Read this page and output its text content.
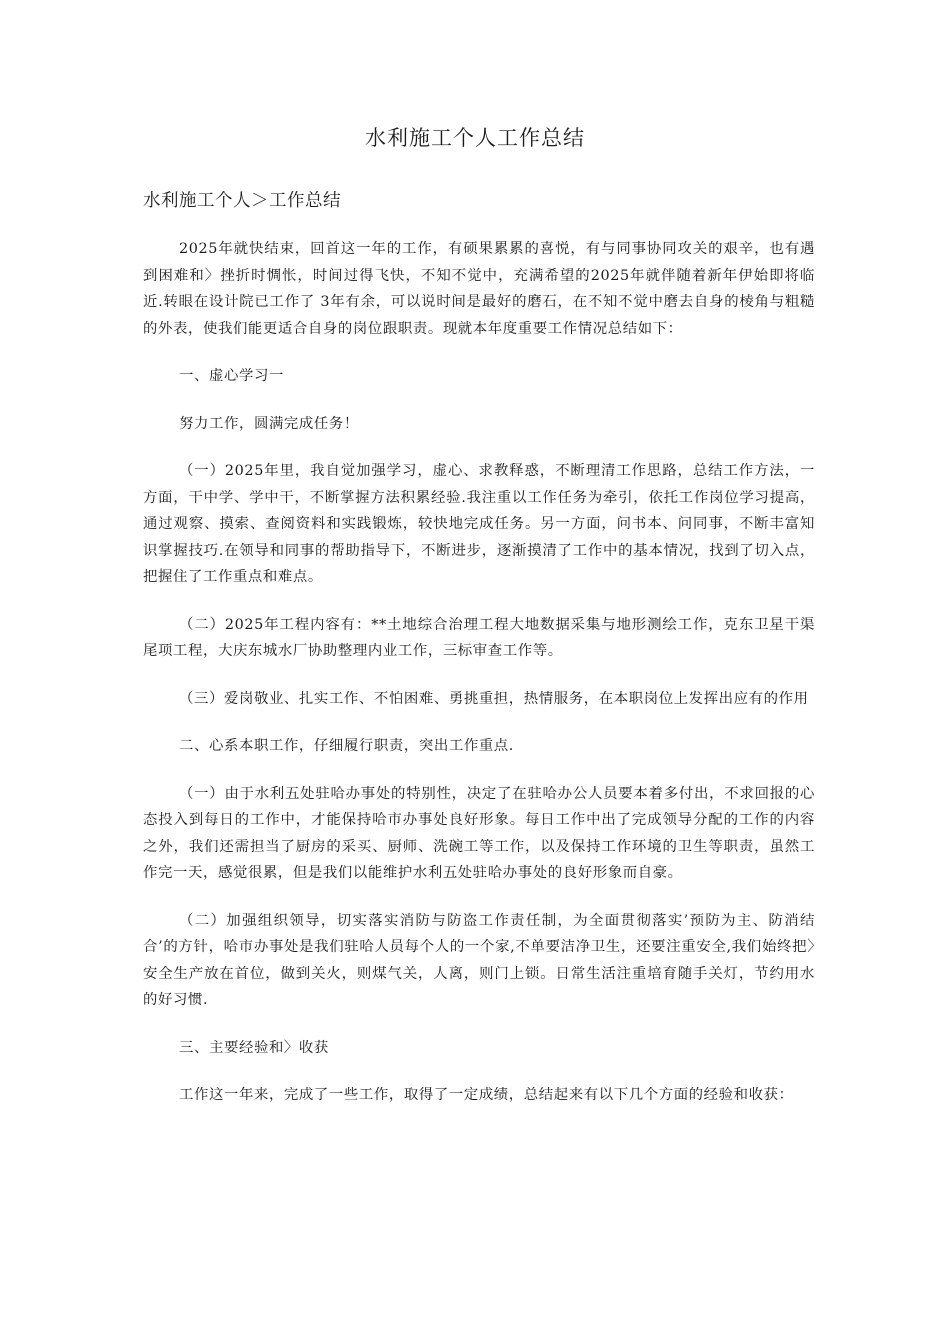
水利施工个人工作总结
水利施工个人＞工作总结

2025年就快结束，回首这一年的工作，有硕果累累的喜悦，有与同事协同攻关的艰辛，也有遇到困难和〉挫折时惆怅，时间过得飞快，不知不觉中，充满希望的2025年就伴随着新年伊始即将临近.转眼在设计院已工作了 3年有余，可以说时间是最好的磨石，在不知不觉中磨去自身的棱角与粗糙的外表，使我们能更适合自身的岗位跟职责。现就本年度重要工作情况总结如下：

一、虚心学习一

努力工作，圆满完成任务！

（一）2025年里，我自觉加强学习，虚心、求教释惑，不断理清工作思路，总结工作方法，一方面，干中学、学中干，不断掌握方法积累经验.我注重以工作任务为牵引，依托工作岗位学习提高，通过观察、摸索、查阅资料和实践锻炼，较快地完成任务。另一方面，问书本、问同事，不断丰富知识掌握技巧.在领导和同事的帮助指导下，不断进步，逐渐摸清了工作中的基本情况，找到了切入点，把握住了工作重点和难点。

（二）2025年工程内容有：**土地综合治理工程大地数据采集与地形测绘工作，克东卫星干渠尾项工程，大庆东城水厂协助整理内业工作，三标审查工作等。

（三）爱岗敬业、扎实工作、不怕困难、勇挑重担，热情服务，在本职岗位上发挥出应有的作用

二、心系本职工作，仔细履行职责，突出工作重点.

（一）由于水利五处驻哈办事处的特别性，决定了在驻哈办公人员要本着多付出，不求回报的心态投入到每日的工作中，才能保持哈市办事处良好形象。每日工作中出了完成领导分配的工作的内容之外，我们还需担当了厨房的采买、厨师、洗碗工等工作，以及保持工作环境的卫生等职责，虽然工作完一天，感觉很累，但是我们以能维护水利五处驻哈办事处的良好形象而自豪。

（二）加强组织领导，切实落实消防与防盗工作责任制，为全面贯彻落实’预防为主、防消结合’的方针，哈市办事处是我们驻哈人员每个人的一个家,不单要洁净卫生，还要注重安全,我们始终把〉安全生产放在首位，做到关火，则煤气关，人离，则门上锁。日常生活注重培育随手关灯，节约用水的好习惯.

三、主要经验和〉收获

工作这一年来，完成了一些工作，取得了一定成绩，总结起来有以下几个方面的经验和收获：
